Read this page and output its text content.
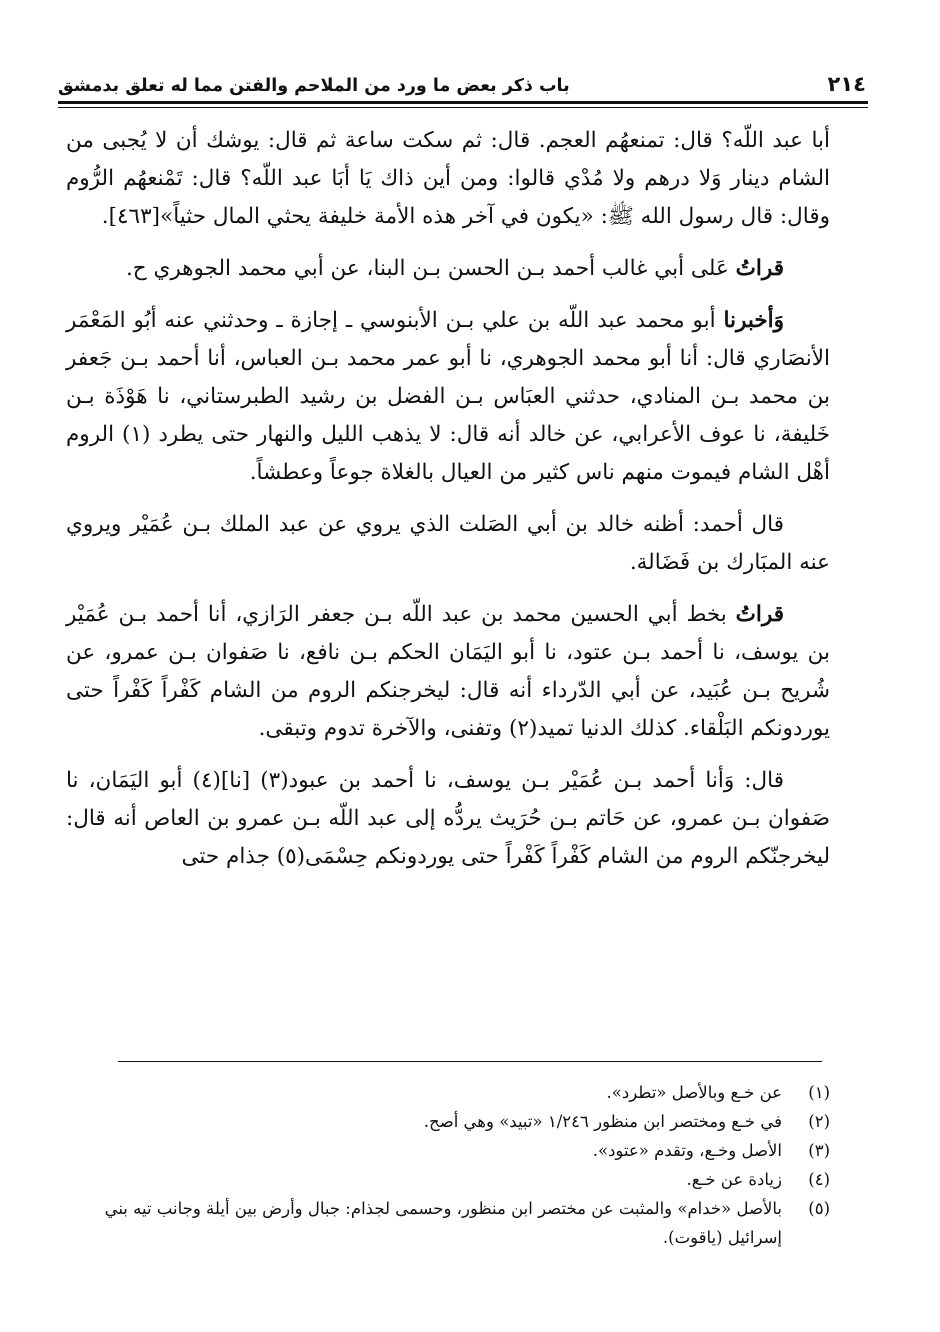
٢١٤
باب ذكر بعض ما ورد من الملاحم والفتن مما له تعلق بدمشق

أبا عبد اللّه؟ قال: تمنعهُم العجم. قال: ثم سكت ساعة ثم قال: يوشك أن لا يُجبى من الشام دينار وَلا درهم ولا مُدْي قالوا: ومن أين ذاك يَا أبَا عبد اللّه؟ قال: تَمْنعهُم الرُّوم وقال: قال رسول الله ﷺ: «يكون في آخر هذه الأمة خليفة يحثي المال حثياً»[٤٦٣].

قراتُ عَلى أبي غالب أحمد بـن الحسن بـن البنا، عن أبي محمد الجوهري ح.

وَأخبرنا أبو محمد عبد اللّه بن علي بـن الأبنوسي ـ إجازة ـ وحدثني عنه أبُو المَعْمَر الأنصَاري قال: أنا أبو محمد الجوهري، نا أبو عمر محمد بـن العباس، أنا أحمد بـن جَعفر بن محمد بـن المنادي، حدثني العبَاس بـن الفضل بن رشيد الطبرستاني، نا هَوْذَة بـن خَليفة، نا عوف الأعرابي، عن خالد أنه قال: لا يذهب الليل والنهار حتى يطرد (١) الروم أهْل الشام فيموت منهم ناس كثير من العيال بالغلاة جوعاً وعطشاً.

قال أحمد: أظنه خالد بن أبي الصَلت الذي يروي عن عبد الملك بـن عُمَيْر ويروي عنه المبَارك بن فَضَالة.

قراتُ بخط أبي الحسين محمد بن عبد اللّه بـن جعفر الرَازي، أنا أحمد بـن عُمَيْر بن يوسف، نا أحمد بـن عتود، نا أبو اليَمَان الحكم بـن نافع، نا صَفوان بـن عمرو، عن شُريح بـن عُبَيد، عن أبي الدّرداء أنه قال: ليخرجنكم الروم من الشام كَفْراً كَفْراً حتى يوردونكم البَلْقاء. كذلك الدنيا تميد(٢) وتفنى، والآخرة تدوم وتبقى.

قال: وَأنا أحمد بـن عُمَيْر بـن يوسف، نا أحمد بن عبود(٣) [نا](٤) أبو اليَمَان، نا صَفوان بـن عمرو، عن حَاتم بـن حُرَيث يردُّه إلى عبد اللّه بـن عمرو بن العاص أنه قال: ليخرجنّكم الروم من الشام كَفْراً كَفْراً حتى يوردونكم حِسْمَى(٥) جذام حتى

(١)
عن خـع وبالأصل «تطرد».
(٢)
في خـع ومختصر ابن منظور ١/٢٤٦ «تبيد» وهي أصح.
(٣)
الأصل وخـع، وتقدم «عتود».
(٤)
زيادة عن خـع.
(٥)
بالأصل «خدام» والمثبت عن مختصر ابن منظور، وحسمى لجذام: جبال وأرض بين أيلة وجانب تيه بني إسرائيل (ياقوت).
